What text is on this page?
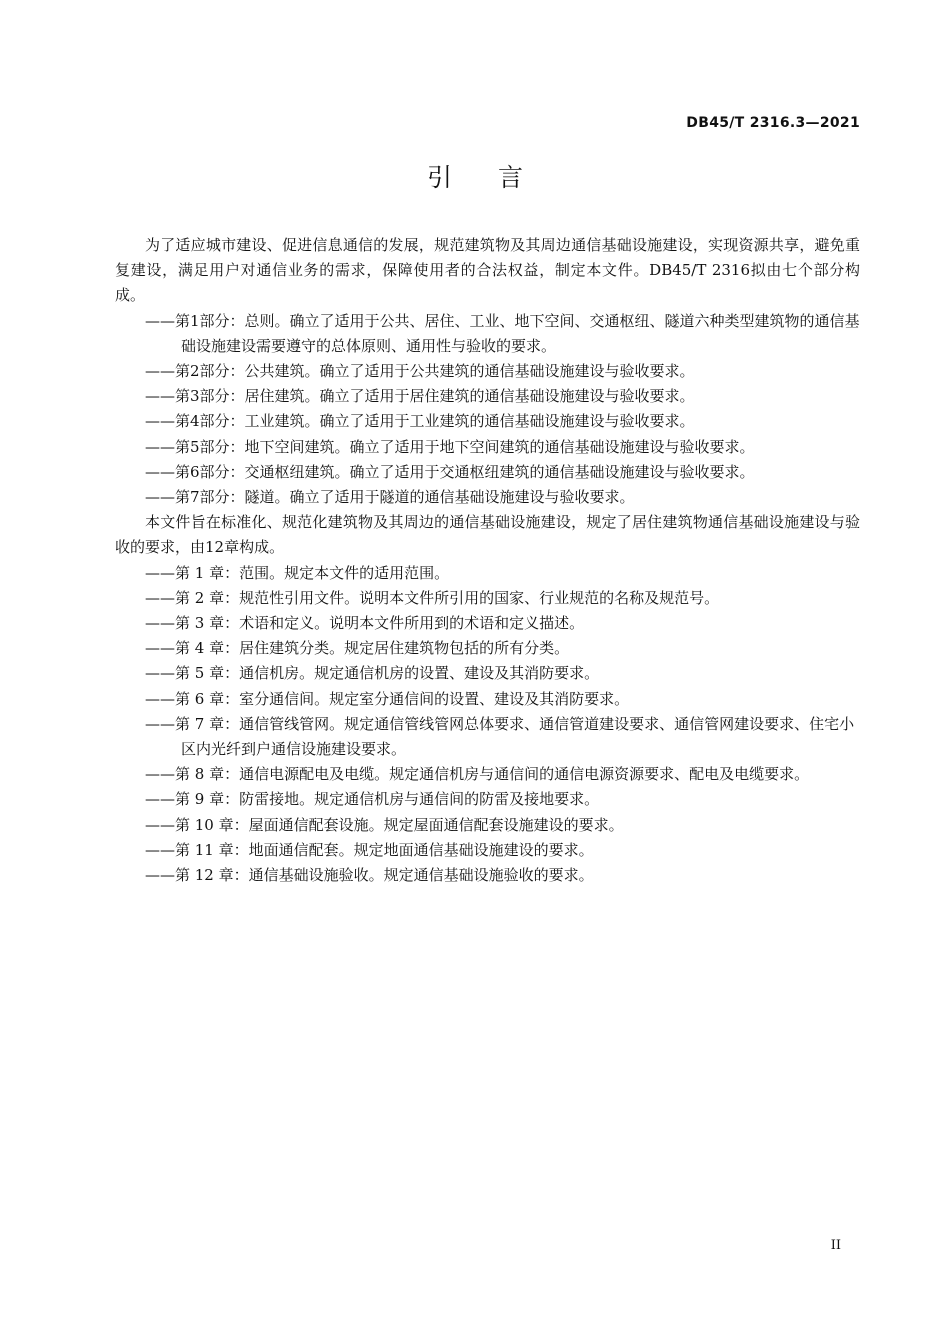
DB45/T 2316.3—2021
引言

为了适应城市建设、促进信息通信的发展，规范建筑物及其周边通信基础设施建设，实现资源共享，避免重复建设，满足用户对通信业务的需求，保障使用者的合法权益，制定本文件。DB45/T 2316拟由七个部分构成。

——第1部分：总则。确立了适用于公共、居住、工业、地下空间、交通枢纽、隧道六种类型建筑物的通信基础设施建设需要遵守的总体原则、通用性与验收的要求。

——第2部分：公共建筑。确立了适用于公共建筑的通信基础设施建设与验收要求。

——第3部分：居住建筑。确立了适用于居住建筑的通信基础设施建设与验收要求。

——第4部分：工业建筑。确立了适用于工业建筑的通信基础设施建设与验收要求。

——第5部分：地下空间建筑。确立了适用于地下空间建筑的通信基础设施建设与验收要求。

——第6部分：交通枢纽建筑。确立了适用于交通枢纽建筑的通信基础设施建设与验收要求。

——第7部分：隧道。确立了适用于隧道的通信基础设施建设与验收要求。

本文件旨在标准化、规范化建筑物及其周边的通信基础设施建设，规定了居住建筑物通信基础设施建设与验收的要求，由12章构成。

——第 1 章：范围。规定本文件的适用范围。

——第 2 章：规范性引用文件。说明本文件所引用的国家、行业规范的名称及规范号。

——第 3 章：术语和定义。说明本文件所用到的术语和定义描述。

——第 4 章：居住建筑分类。规定居住建筑物包括的所有分类。

——第 5 章：通信机房。规定通信机房的设置、建设及其消防要求。

——第 6 章：室分通信间。规定室分通信间的设置、建设及其消防要求。

——第 7 章：通信管线管网。规定通信管线管网总体要求、通信管道建设要求、通信管网建设要求、住宅小区内光纤到户通信设施建设要求。

——第 8 章：通信电源配电及电缆。规定通信机房与通信间的通信电源资源要求、配电及电缆要求。

——第 9 章：防雷接地。规定通信机房与通信间的防雷及接地要求。

——第 10 章：屋面通信配套设施。规定屋面通信配套设施建设的要求。

——第 11 章：地面通信配套。规定地面通信基础设施建设的要求。

——第 12 章：通信基础设施验收。规定通信基础设施验收的要求。

II
